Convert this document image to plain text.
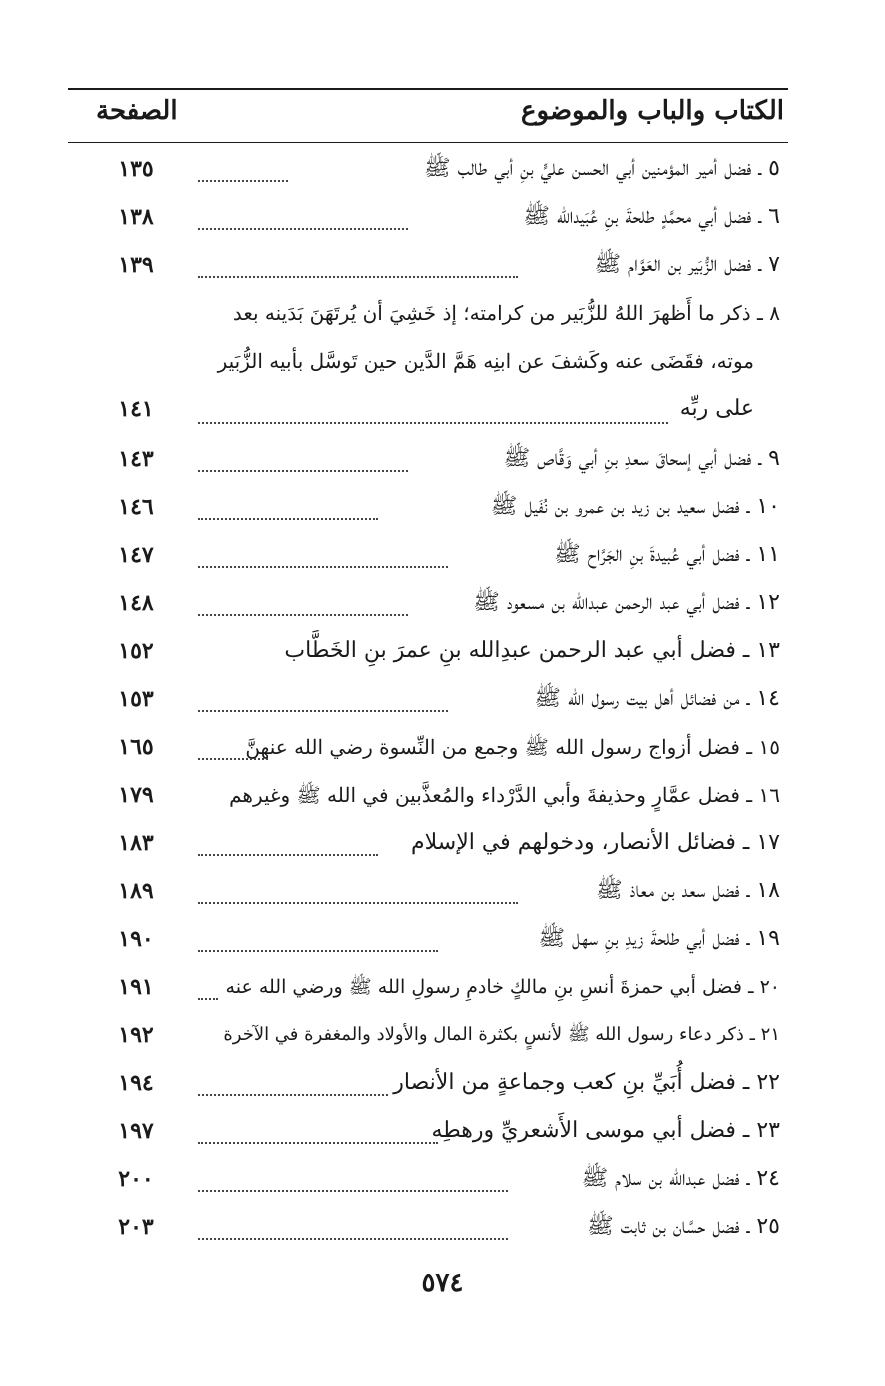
الكتاب والباب والموضوع
الصفحة
٥ ـ فضل أمير المؤمنين أبي الحسن عليٍّ بنِ أبي طالب ﷺ
١٣٥
٦ ـ فضل أبي محمَّدٍ طلحةَ بنِ عُبَيدالله ﷺ
١٣٨
٧ ـ فضل الزُّبَير بن العَوَّام ﷺ
١٣٩
٨ ـ ذكر ما أَظهرَ اللهُ للزُّبَير من كرامته؛ إذ خَشِيَ أن يُرتَهَنَ بَدَينه بعد
موته، فقَضَى عنه وكَشفَ عن ابنِه هَمَّ الدَّين حين تَوسَّل بأبيه الزُّبَير
على ربِّه
١٤١
٩ ـ فضل أبي إسحاقَ سعدِ بنِ أبي وَقَّاص ﷺ
١٤٣
١٠ ـ فضل سعيد بن زيد بن عمرو بن نُفَيل ﷺ
١٤٦
١١ ـ فضل أبي عُبيدةَ بنِ الجَرَّاح ﷺ
١٤٧
١٢ ـ فضل أبي عبد الرحمن عبدالله بن مسعود ﷺ
١٤٨
١٣ ـ فضل أبي عبد الرحمن عبدِالله بنِ عمرَ بنِ الخَطَّاب
١٥٢
١٤ ـ من فضائل أهل بيت رسول الله ﷺ
١٥٣
١٥ ـ فضل أزواج رسول الله ﷺ وجمع من النِّسوة رضي الله عنهنَّ
١٦٥
١٦ ـ فضل عمَّارٍ وحذيفةَ وأبي الدَّرْداء والمُعذَّبين في الله ﷺ وغيرهم
١٧٩
١٧ ـ فضائل الأنصار، ودخولهم في الإسلام
١٨٣
١٨ ـ فضل سعد بن معاذ ﷺ
١٨٩
١٩ ـ فضل أبي طلحةَ زيدِ بنِ سهل ﷺ
١٩٠
٢٠ ـ فضل أبي حمزةَ أنسِ بنِ مالكٍ خادمِ رسولِ الله ﷺ ورضي الله عنه
١٩١
٢١ ـ ذكر دعاء رسول الله ﷺ لأنسٍ بكثرة المال والأولاد والمغفرة في الآخرة
١٩٢
٢٢ ـ فضل أُبَيِّ بنِ كعب وجماعةٍ من الأنصار
١٩٤
٢٣ ـ فضل أبي موسى الأَشعريِّ ورهطِه
١٩٧
٢٤ ـ فضل عبدالله بن سلام ﷺ
٢٠٠
٢٥ ـ فضل حسَّان بن ثابت ﷺ
٢٠٣
٥٧٤
